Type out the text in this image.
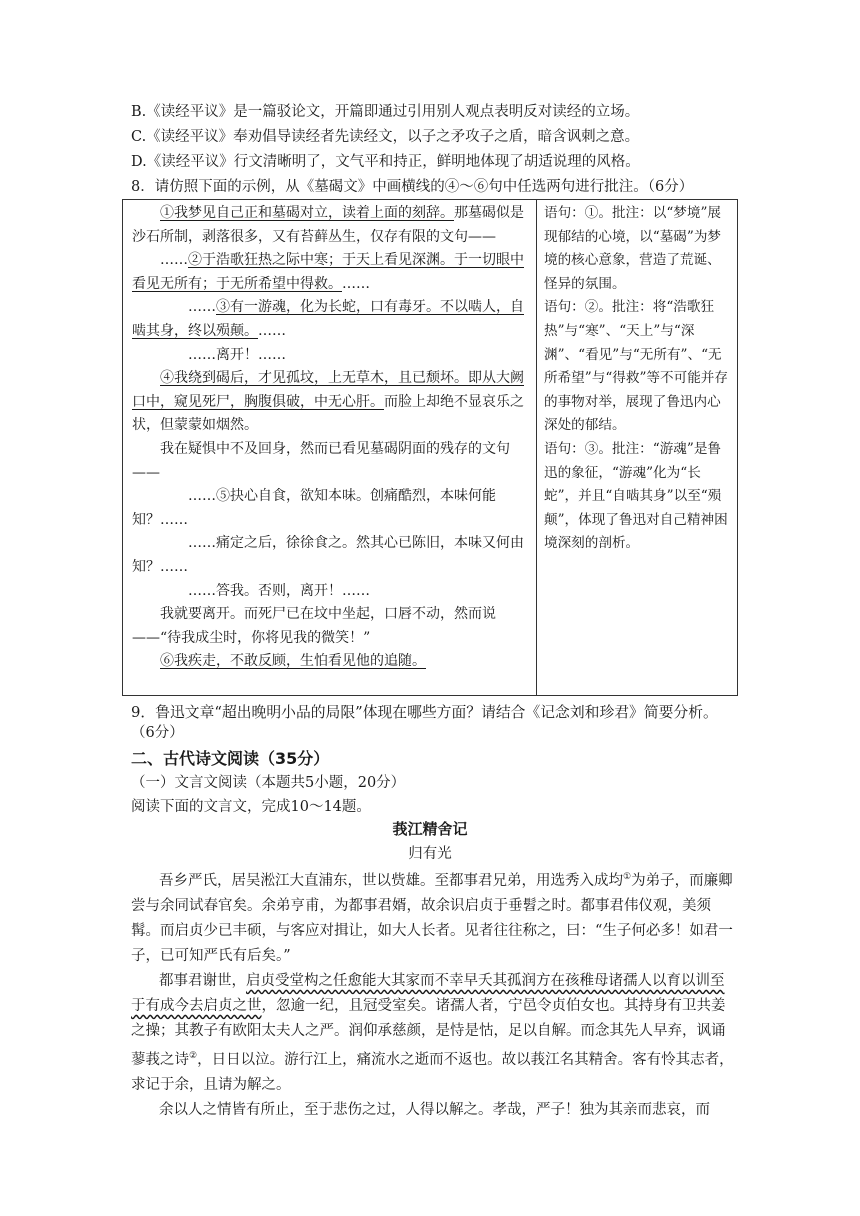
B.《读经平议》是一篇驳论文，开篇即通过引用别人观点表明反对读经的立场。
C.《读经平议》奉劝倡导读经者先读经文，以子之矛攻子之盾，暗含讽刺之意。
D.《读经平议》行文清晰明了，文气平和持正，鲜明地体现了胡适说理的风格。
8．请仿照下面的示例，从《墓碣文》中画横线的④～⑥句中任选两句进行批注。（6分）

①我梦见自己正和墓碣对立，读着上面的刻辞。那墓碣似是沙石所制，剥落很多，又有苔藓丛生，仅存有限的文句——

……②于浩歌狂热之际中寒；于天上看见深渊。于一切眼中看见无所有；于无所希望中得救。……

……③有一游魂，化为长蛇，口有毒牙。不以啮人，自啮其身，终以殒颠。……

……离开！……

④我绕到碣后，才见孤坟，上无草木，且已颓坏。即从大阙口中，窥见死尸，胸腹俱破，中无心肝。而脸上却绝不显哀乐之状，但蒙蒙如烟然。

我在疑惧中不及回身，然而已看见墓碣阴面的残存的文句——

……⑤抉心自食，欲知本味。创痛酷烈，本味何能知？……

……痛定之后，徐徐食之。然其心已陈旧，本味又何由知？……

……答我。否则，离开！……

我就要离开。而死尸已在坟中坐起，口唇不动，然而说——“待我成尘时，你将见我的微笑！”

⑥我疾走，不敢反顾，生怕看见他的追随。

语句：①。批注：以“梦境”展现郁结的心境，以“墓碣”为梦境的核心意象，营造了荒诞、怪异的氛围。

语句：②。批注：将“浩歌狂热”与“寒”、“天上”与“深渊”、“看见”与“无所有”、“无所希望”与“得救”等不可能并存的事物对举，展现了鲁迅内心深处的郁结。

语句：③。批注：“游魂”是鲁迅的象征，“游魂”化为“长蛇”，并且“自啮其身”以至“殒颠”，体现了鲁迅对自己精神困境深刻的剖析。

9．鲁迅文章“超出晚明小品的局限”体现在哪些方面？请结合《记念刘和珍君》简要分析。
（6分）
二、古代诗文阅读（35分）
（一）文言文阅读（本题共5小题，20分）
阅读下面的文言文，完成10～14题。
莪江精舍记
归有光

吾乡严氏，居吴淞江大直浦东，世以赀雄。至都事君兄弟，用选秀入成均①为弟子，而廉卿尝与余同试春官矣。余弟亨甫，为都事君婿，故余识启贞于垂髫之时。都事君伟仪观，美须髯。而启贞少已丰硕，与客应对揖让，如大人长者。见者往往称之，曰：“生子何必多！如君一子，已可知严氏有后矣。”

都事君谢世，启贞受堂构之任愈能大其家而不幸早夭其孤润方在孩稚母诸孺人以育以训至于有成今去启贞之世，忽逾一纪，且冠受室矣。诸孺人者，宁邑令贞伯女也。其持身有卫共姜之操；其教子有欧阳太夫人之严。润仰承慈颜，是恃是怙，足以自解。而念其先人早弃，讽诵蓼莪之诗②，日日以泣。游行江上，痛流水之逝而不返也。故以莪江名其精舍。客有怜其志者，求记于余，且请为解之。

余以人之情皆有所止，至于悲伤之过，人得以解之。孝哉，严子！独为其亲而悲哀，而
